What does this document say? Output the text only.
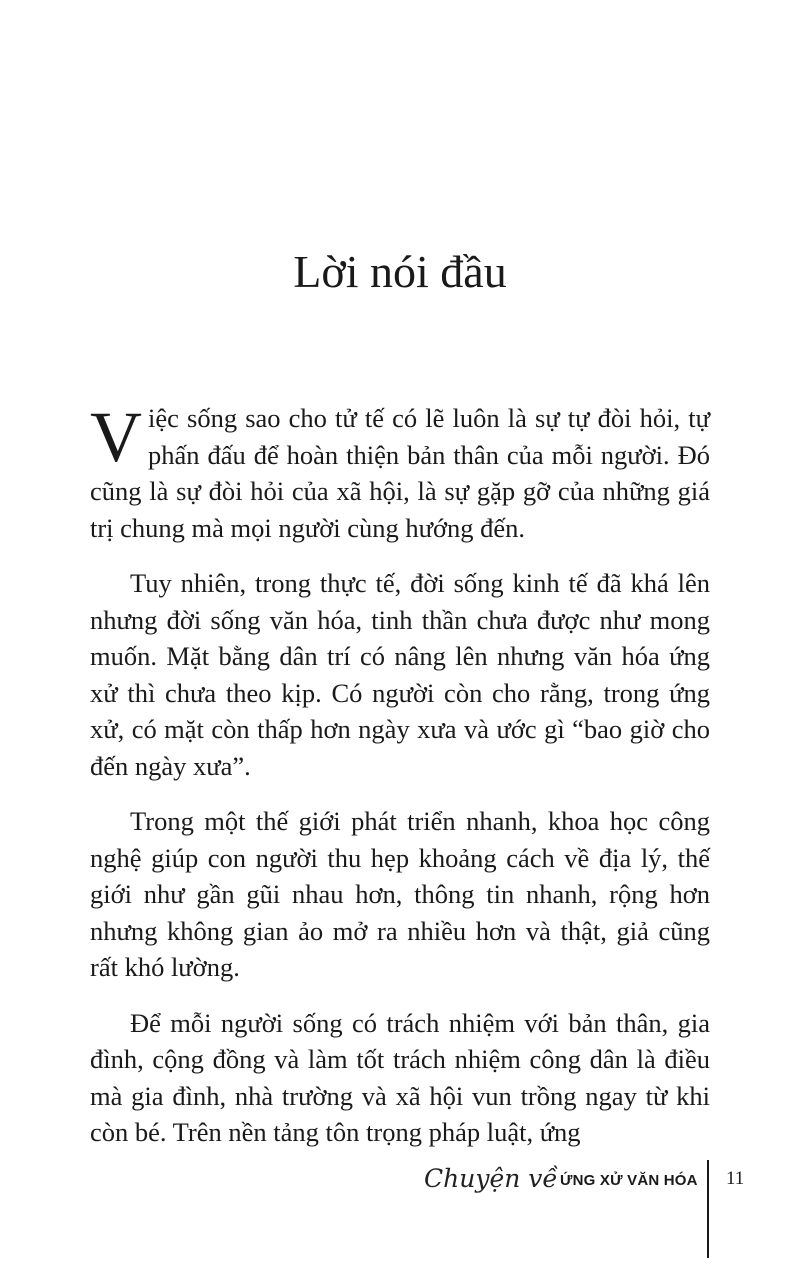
Lời nói đầu

Việc sống sao cho tử tế có lẽ luôn là sự tự đòi hỏi, tự phấn đấu để hoàn thiện bản thân của mỗi người. Đó cũng là sự đòi hỏi của xã hội, là sự gặp gỡ của những giá trị chung mà mọi người cùng hướng đến.

Tuy nhiên, trong thực tế, đời sống kinh tế đã khá lên nhưng đời sống văn hóa, tinh thần chưa được như mong muốn. Mặt bằng dân trí có nâng lên nhưng văn hóa ứng xử thì chưa theo kịp. Có người còn cho rằng, trong ứng xử, có mặt còn thấp hơn ngày xưa và ước gì “bao giờ cho đến ngày xưa”.

Trong một thế giới phát triển nhanh, khoa học công nghệ giúp con người thu hẹp khoảng cách về địa lý, thế giới như gần gũi nhau hơn, thông tin nhanh, rộng hơn nhưng không gian ảo mở ra nhiều hơn và thật, giả cũng rất khó lường.

Để mỗi người sống có trách nhiệm với bản thân, gia đình, cộng đồng và làm tốt trách nhiệm công dân là điều mà gia đình, nhà trường và xã hội vun trồng ngay từ khi còn bé. Trên nền tảng tôn trọng pháp luật, ứng

Chuyện về ỨNG XỬ VĂN HÓA 11
